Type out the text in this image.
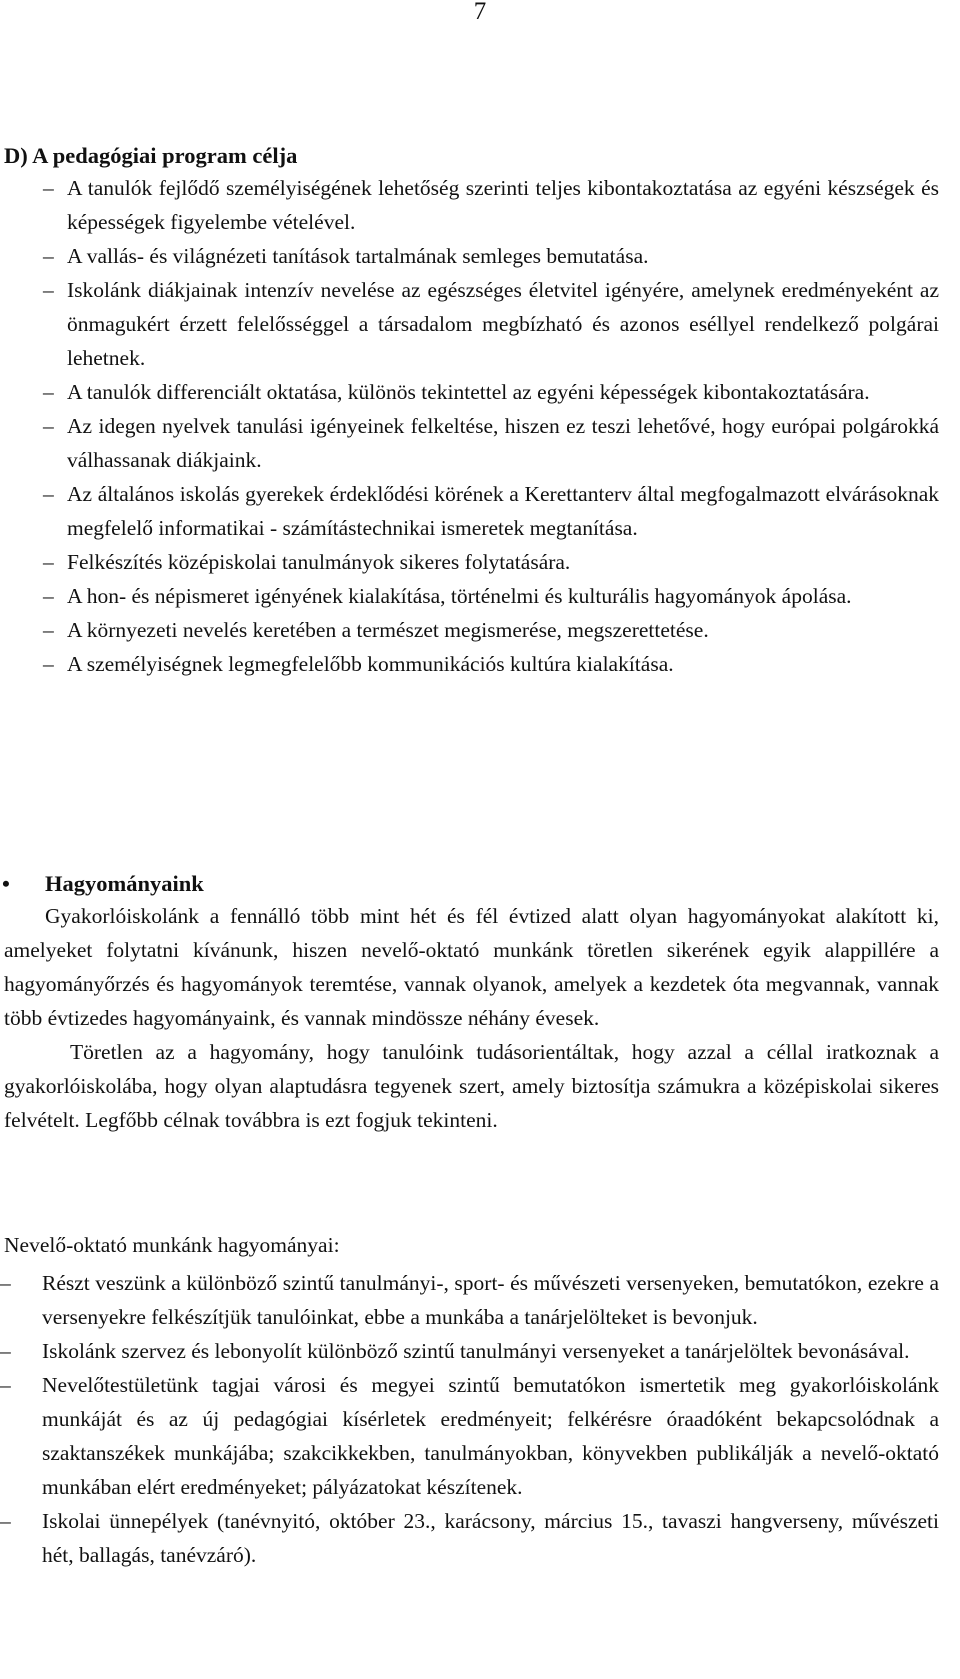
7
D) A pedagógiai program célja
– A tanulók fejlődő személyiségének lehetőség szerinti teljes kibontakoztatása az egyéni készségek és képességek figyelembe vételével.
– A vallás- és világnézeti tanítások tartalmának semleges bemutatása.
– Iskolánk diákjainak intenzív nevelése az egészséges életvitel igényére, amelynek eredményeként az önmagukért érzett felelősséggel a társadalom megbízható és azonos eséllyel rendelkező polgárai lehetnek.
– A tanulók differenciált oktatása, különös tekintettel az egyéni képességek kibontakoztatására.
– Az idegen nyelvek tanulási igényeinek felkeltése, hiszen ez teszi lehetővé, hogy európai polgárokká válhassanak diákjaink.
– Az általános iskolás gyerekek érdeklődési körének a Kerettanterv által megfogalmazott elvárásoknak megfelelő informatikai - számítástechnikai ismeretek megtanítása.
– Felkészítés középiskolai tanulmányok sikeres folytatására.
– A hon- és népismeret igényének kialakítása, történelmi és kulturális hagyományok ápolása.
– A környezeti nevelés keretében a természet megismerése, megszerettetése.
– A személyiségnek legmegfelelőbb kommunikációs kultúra kialakítása.
• Hagyományaink

Gyakorlóiskolánk a fennálló több mint hét és fél évtized alatt olyan hagyományokat alakított ki, amelyeket folytatni kívánunk, hiszen nevelő-oktató munkánk töretlen sikerének egyik alappillére a hagyományőrzés és hagyományok teremtése, vannak olyanok, amelyek a kezdetek óta megvannak, vannak több évtizedes hagyományaink, és vannak mindössze néhány évesek.

Töretlen az a hagyomány, hogy tanulóink tudásorientáltak, hogy azzal a céllal iratkoznak a gyakorlóiskolába, hogy olyan alaptudásra tegyenek szert, amely biztosítja számukra a középiskolai sikeres felvételt. Legfőbb célnak továbbra is ezt fogjuk tekinteni.

Nevelő-oktató munkánk hagyományai:

– Részt veszünk a különböző szintű tanulmányi-, sport- és művészeti versenyeken, bemutatókon, ezekre a versenyekre felkészítjük tanulóinkat, ebbe a munkába a tanárjelölteket is bevonjuk.
– Iskolánk szervez és lebonyolít különböző szintű tanulmányi versenyeket a tanárjelöltek bevonásával.
– Nevelőtestületünk tagjai városi és megyei szintű bemutatókon ismertetik meg gyakorlóiskolánk munkáját és az új pedagógiai kísérletek eredményeit; felkérésre óraadóként bekapcsolódnak a szaktanszékek munkájába; szakcikkekben, tanulmányokban, könyvekben publikálják a nevelő-oktató munkában elért eredményeket; pályázatokat készítenek.
– Iskolai ünnepélyek (tanévnyitó, október 23., karácsony, március 15., tavaszi hangverseny, művészeti hét, ballagás, tanévzáró).
